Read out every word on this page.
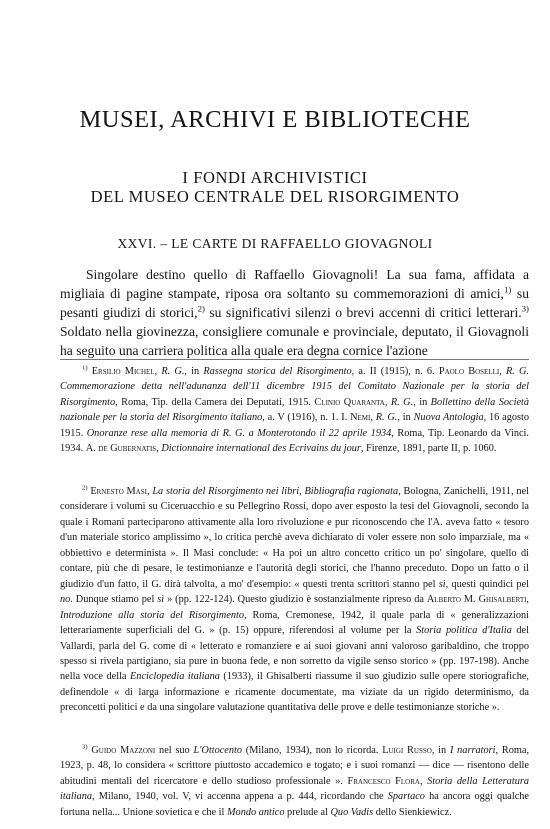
MUSEI, ARCHIVI E BIBLIOTECHE
I FONDI ARCHIVISTICI
DEL MUSEO CENTRALE DEL RISORGIMENTO
XXVI. – LE CARTE DI RAFFAELLO GIOVAGNOLI

Singolare destino quello di Raffaello Giovagnoli! La sua fama, affidata a migliaia di pagine stampate, riposa ora soltanto su commemorazioni di amici,$^{1)}$ su pesanti giudizi di storici,$^{2)}$ su significativi silenzi o brevi accenni di critici letterari.$^{3)}$ Soldato nella giovinezza, consigliere comunale e provinciale, deputato, il Giovagnoli ha seguito una carriera politica alla quale era degna cornice l'azione

$^{1)}$ Ersilio Michel, R. G., in Rassegna storica del Risorgimento, a. II (1915), n. 6. Paolo Boselli, R. G. Commemorazione detta nell'adunanza dell'11 dicembre 1915 del Comitato Nazionale per la storia del Risorgimento, Roma, Tip. della Camera dei Deputati, 1915. Clinio Quaranta, R. G., in Bollettino della Società nazionale per la storia del Risorgimento italiano, a. V (1916), n. 1. I. Nemi, R. G., in Nuova Antologia, 16 agosto 1915. Onoranze rese alla memoria di R. G. a Monterotondo il 22 aprile 1934, Roma, Tip. Leonardo da Vinci. 1934. A. de Gubernatis, Dictionnaire international des Ecrivains du jour, Firenze, 1891, parte II, p. 1060.

$^{2)}$ Ernesto Masi, La storia del Risorgimento nei libri, Bibliografia ragionata, Bologna, Zanichelli, 1911, nel considerare i volumi su Ciceruacchio e su Pellegrino Rossi, dopo aver esposto la tesi del Giovagnoli, secondo la quale i Romani parteciparono attivamente alla loro rivoluzione e pur riconoscendo che l'A. aveva fatto « tesoro d'un materiale storico amplissimo », lo critica perchè aveva dichiarato di voler essere non solo imparziale, ma « obbiettivo e deterministа ». Il Masi concludе: « Ha poi un altro concetto critico un po' singolare, quello di contare, più che di pesare, le testimonianze e l'autorità degli storici, che l'hanno preceduto. Dopo un fatto o il giudizio d'un fatto, il G. dirà talvolta, a mo' d'esempio: « questi trenta scrittori stanno pel sì, questi quindici pel no. Dunque stiamo pel sì » (pp. 122-124). Questo giudizio è sostanzialmente ripreso da Alberto M. Ghisalberti, Introduzione alla storia del Risorgimento, Roma, Cremonese, 1942, il quale parla di « generalizzazioni letterariamente superficiali del G. » (p. 15) oppure, riferendosi al volume per la Storia politica d'Italia del Vallardi, parla del G. come di « letterato e romanziere e ai suoi giovani anni valoroso garibaldino, che troppo spesso si rivela partigiano, sia pure in buona fede, e non sorretto da vigile senso storico » (pp. 197-198). Anche nella voce della Enciclopedia italiana (1933), il Ghisalberti riassume il suo giudizio sulle opere storiografiche, definendole « di larga informazione e ricamente documentate, ma viziate da un rigido determinismo, da preconcetti politici e da una singolare valutazione quantitativa delle prove e delle testimonianze storiche ».

$^{3)}$ Guido Mazzoni nel suo L'Ottocento (Milano, 1934), non lo ricorda. Luigi Russo, in I narratori, Roma, 1923, p. 48, lo considera « scrittore piuttosto accademico e togato; e i suoi romanzi — dice — risentono delle abitudini mentali del ricercatore e dello studioso professionale ». Francesco Flora, Storia della Letteratura italiana, Milano, 1940, vol. V, vi accenna appena a p. 444, ricordando che Spartaco ha ancora oggi qualche fortuna nella... Unione sovietica e che il Mondo antico prelude al Quo Vadis dello Sienkiewicz.
